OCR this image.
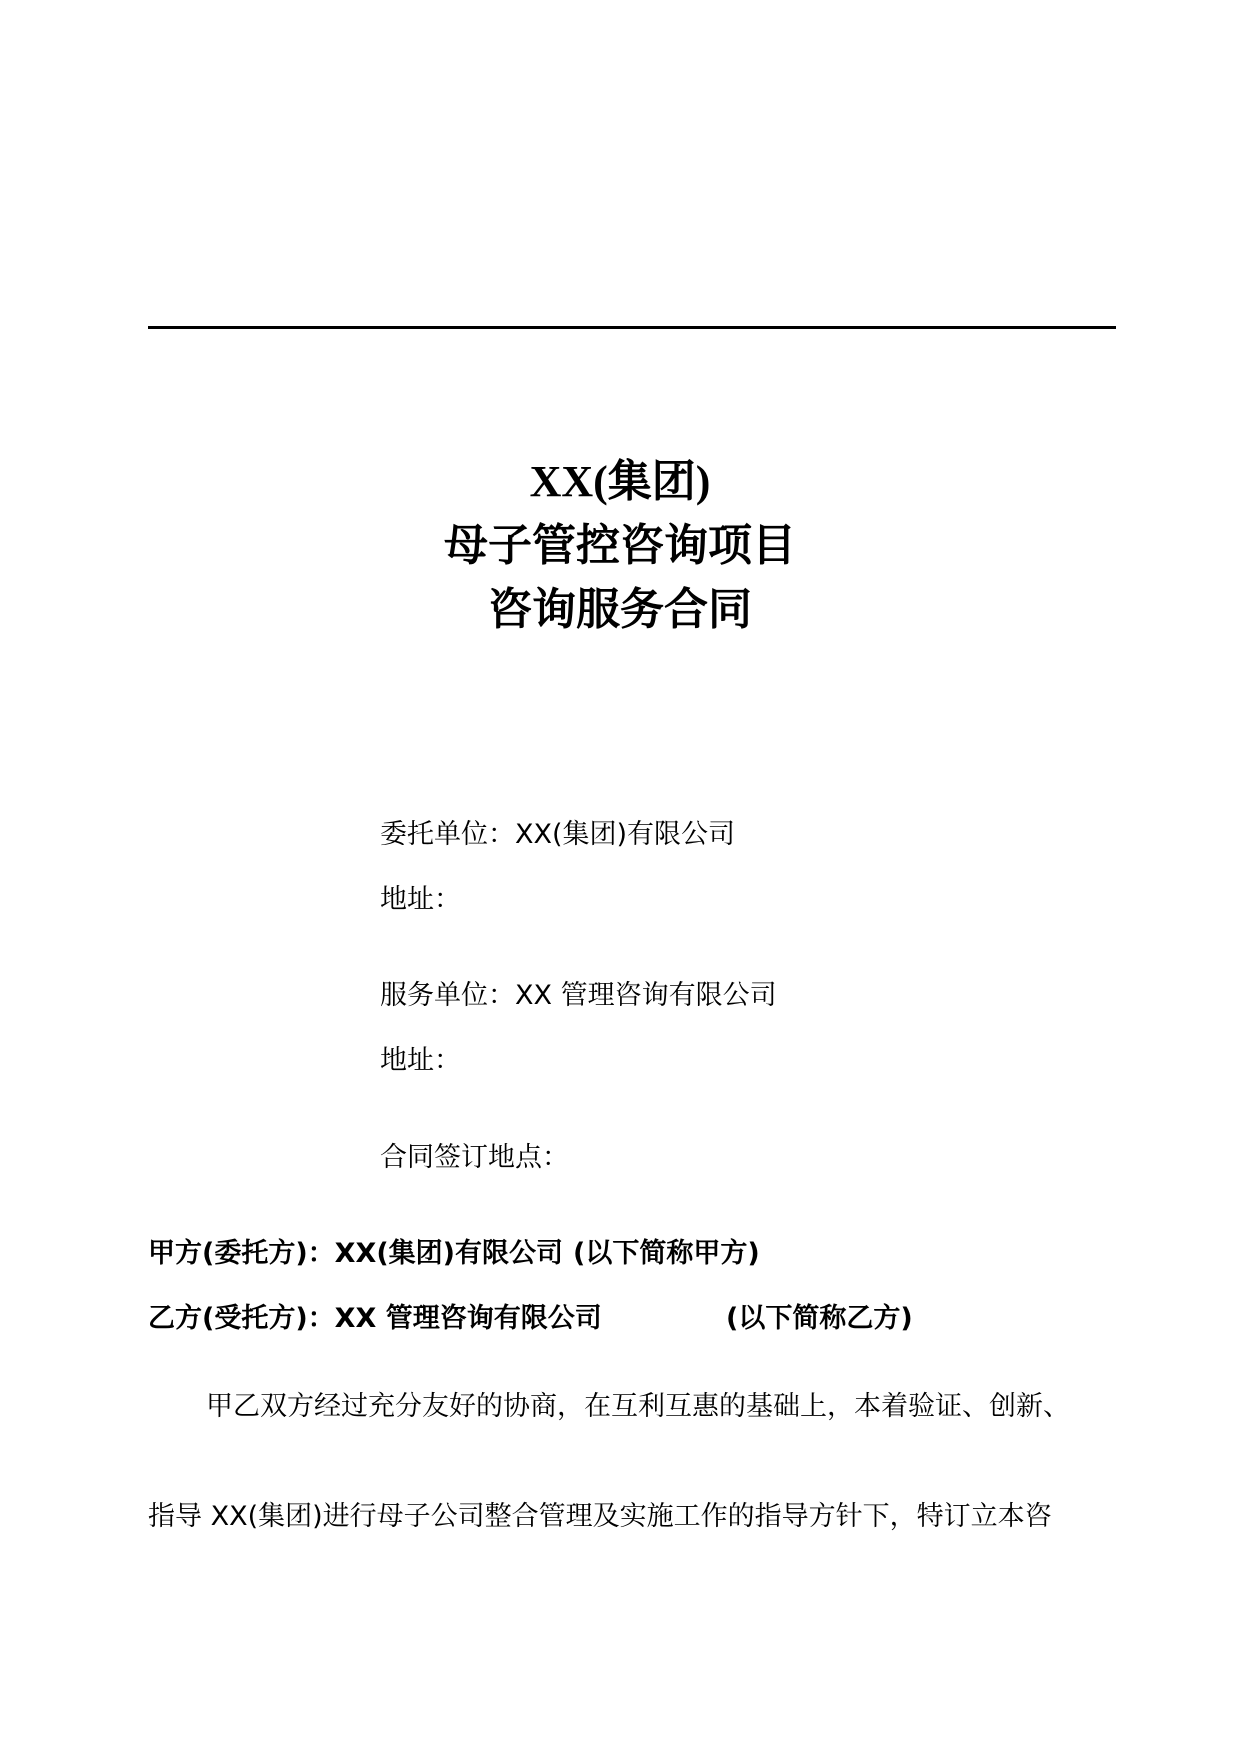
XX(集团)
母子管控咨询项目
咨询服务合同
委托单位：XX(集团)有限公司
地址：
服务单位：XX 管理咨询有限公司
地址：
合同签订地点：
甲方(委托方)：XX(集团)有限公司 (以下简称甲方)
乙方(受托方)：XX 管理咨询有限公司	(以下简称乙方)
甲乙双方经过充分友好的协商，在互利互惠的基础上，本着验证、创新、
指导 XX(集团)进行母子公司整合管理及实施工作的指导方针下，特订立本咨
